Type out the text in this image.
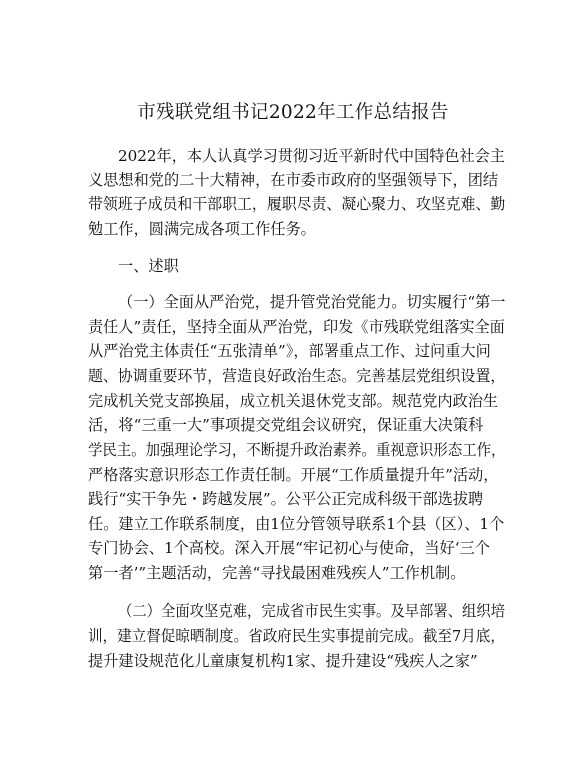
市残联党组书记2022年工作总结报告

2022年，本人认真学习贯彻习近平新时代中国特色社会主

义思想和党的二十大精神，在市委市政府的坚强领导下，团结

带领班子成员和干部职工，履职尽责、凝心聚力、攻坚克难、勤

勉工作，圆满完成各项工作任务。

一、述职

（一）全面从严治党，提升管党治党能力。切实履行“第一

责任人”责任，坚持全面从严治党，印发《市残联党组落实全面

从严治党主体责任“五张清单”》，部署重点工作、过问重大问

题、协调重要环节，营造良好政治生态。完善基层党组织设置，

完成机关党支部换届，成立机关退休党支部。规范党内政治生

活，将“三重一大”事项提交党组会议研究，保证重大决策科

学民主。加强理论学习，不断提升政治素养。重视意识形态工作，

严格落实意识形态工作责任制。开展“工作质量提升年”活动，

践行“实干争先・跨越发展”。公平公正完成科级干部选拔聘

任。建立工作联系制度，由1位分管领导联系1个县（区）、1个

专门协会、1个高校。深入开展“牢记初心与使命，当好‘三个

第一者’”主题活动，完善“寻找最困难残疾人”工作机制。

（二）全面攻坚克难，完成省市民生实事。及早部署、组织培

训，建立督促晾晒制度。省政府民生实事提前完成。截至7月底，

提升建设规范化儿童康复机构1家、提升建设“残疾人之家”
